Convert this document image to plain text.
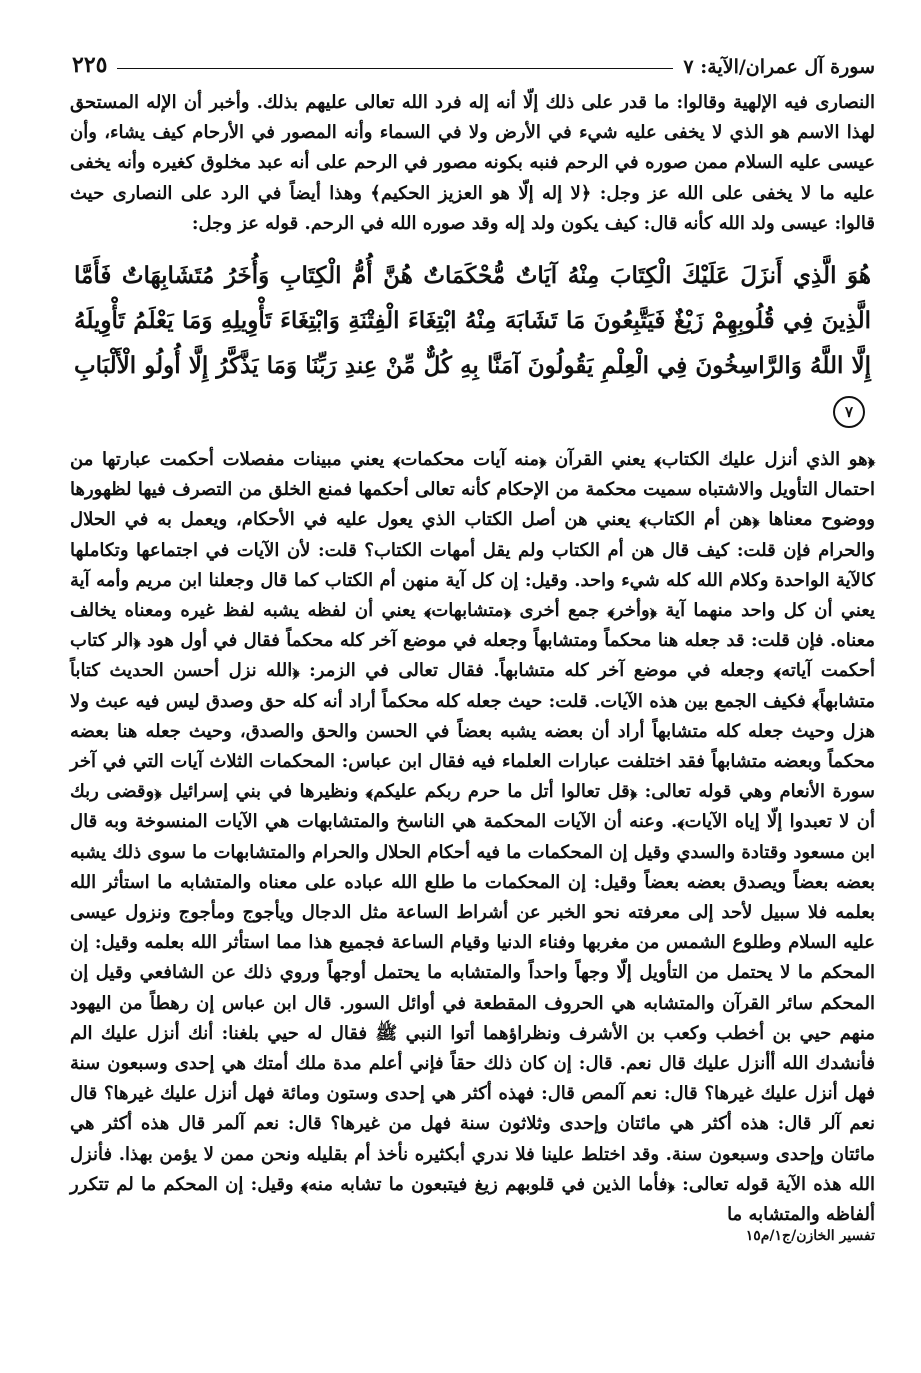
سورة آل عمران/الآية: ٧
٢٢٥

النصارى فيه الإلهية وقالوا: ما قدر على ذلك إلّا أنه إله فرد الله تعالى عليهم بذلك. وأخبر أن الإله المستحق لهذا الاسم هو الذي لا يخفى عليه شيء في الأرض ولا في السماء وأنه المصور في الأرحام كيف يشاء، وأن عيسى عليه السلام ممن صوره في الرحم فنبه بكونه مصور في الرحم على أنه عبد مخلوق كغيره وأنه يخفى عليه ما لا يخفى على الله عز وجل: ﴿لا إله إلّا هو العزيز الحكيم﴾ وهذا أيضاً في الرد على النصارى حيث قالوا: عيسى ولد الله كأنه قال: كيف يكون ولد إله وقد صوره الله في الرحم. قوله عز وجل:

هُوَ الَّذِي أَنزَلَ عَلَيْكَ الْكِتَابَ مِنْهُ آيَاتٌ مُّحْكَمَاتٌ هُنَّ أُمُّ الْكِتَابِ وَأُخَرُ مُتَشَابِهَاتٌ فَأَمَّا الَّذِينَ فِي قُلُوبِهِمْ زَيْغٌ فَيَتَّبِعُونَ مَا تَشَابَهَ مِنْهُ ابْتِغَاءَ الْفِتْنَةِ وَابْتِغَاءَ تَأْوِيلِهِ وَمَا يَعْلَمُ تَأْوِيلَهُ إِلَّا اللَّهُ وَالرَّاسِخُونَ فِي الْعِلْمِ يَقُولُونَ آمَنَّا بِهِ كُلٌّ مِّنْ عِندِ رَبِّنَا وَمَا يَذَّكَّرُ إِلَّا أُولُو الْأَلْبَابِ ٧

﴿هو الذي أنزل عليك الكتاب﴾ يعني القرآن ﴿منه آيات محكمات﴾ يعني مبينات مفصلات أحكمت عبارتها من احتمال التأويل والاشتباه سميت محكمة من الإحكام كأنه تعالى أحكمها فمنع الخلق من التصرف فيها لظهورها ووضوح معناها ﴿هن أم الكتاب﴾ يعني هن أصل الكتاب الذي يعول عليه في الأحكام، ويعمل به في الحلال والحرام فإن قلت: كيف قال هن أم الكتاب ولم يقل أمهات الكتاب؟ قلت: لأن الآيات في اجتماعها وتكاملها كالآية الواحدة وكلام الله كله شيء واحد. وقيل: إن كل آية منهن أم الكتاب كما قال وجعلنا ابن مريم وأمه آية يعني أن كل واحد منهما آية ﴿وأخر﴾ جمع أخرى ﴿متشابهات﴾ يعني أن لفظه يشبه لفظ غيره ومعناه يخالف معناه. فإن قلت: قد جعله هنا محكماً ومتشابهاً وجعله في موضع آخر كله محكماً فقال في أول هود ﴿الر كتاب أحكمت آياته﴾ وجعله في موضع آخر كله متشابهاً. فقال تعالى في الزمر: ﴿الله نزل أحسن الحديث كتاباً متشابهاً﴾ فكيف الجمع بين هذه الآيات. قلت: حيث جعله كله محكماً أراد أنه كله حق وصدق ليس فيه عبث ولا هزل وحيث جعله كله متشابهاً أراد أن بعضه يشبه بعضاً في الحسن والحق والصدق، وحيث جعله هنا بعضه محكماً وبعضه متشابهاً فقد اختلفت عبارات العلماء فيه فقال ابن عباس: المحكمات الثلاث آيات التي في آخر سورة الأنعام وهي قوله تعالى: ﴿قل تعالوا أتل ما حرم ربكم عليكم﴾ ونظيرها في بني إسرائيل ﴿وقضى ربك أن لا تعبدوا إلّا إياه الآيات﴾. وعنه أن الآيات المحكمة هي الناسخ والمتشابهات هي الآيات المنسوخة وبه قال ابن مسعود وقتادة والسدي وقيل إن المحكمات ما فيه أحكام الحلال والحرام والمتشابهات ما سوى ذلك يشبه بعضه بعضاً ويصدق بعضه بعضاً وقيل: إن المحكمات ما طلع الله عباده على معناه والمتشابه ما استأثر الله بعلمه فلا سبيل لأحد إلى معرفته نحو الخبر عن أشراط الساعة مثل الدجال ويأجوج ومأجوج ونزول عيسى عليه السلام وطلوع الشمس من مغربها وفناء الدنيا وقيام الساعة فجميع هذا مما استأثر الله بعلمه وقيل: إن المحكم ما لا يحتمل من التأويل إلّا وجهاً واحداً والمتشابه ما يحتمل أوجهاً وروي ذلك عن الشافعي وقيل إن المحكم سائر القرآن والمتشابه هي الحروف المقطعة في أوائل السور. قال ابن عباس إن رهطاً من اليهود منهم حيي بن أخطب وكعب بن الأشرف ونظراؤهما أتوا النبي ﷺ فقال له حيي بلغنا: أنك أنزل عليك الم فأنشدك الله أأنزل عليك قال نعم. قال: إن كان ذلك حقاً فإني أعلم مدة ملك أمتك هي إحدى وسبعون سنة فهل أنزل عليك غيرها؟ قال: نعم آلمص قال: فهذه أكثر هي إحدى وستون ومائة فهل أنزل عليك غيرها؟ قال نعم آلر قال: هذه أكثر هي مائتان وإحدى وثلاثون سنة فهل من غيرها؟ قال: نعم آلمر قال هذه أكثر هي مائتان وإحدى وسبعون سنة. وقد اختلط علينا فلا ندري أبكثيره نأخذ أم بقليله ونحن ممن لا يؤمن بهذا. فأنزل الله هذه الآية قوله تعالى: ﴿فأما الذين في قلوبهم زيغ فيتبعون ما تشابه منه﴾ وقيل: إن المحكم ما لم تتكرر ألفاظه والمتشابه ما

تفسير الخازن/ج١/م١٥
